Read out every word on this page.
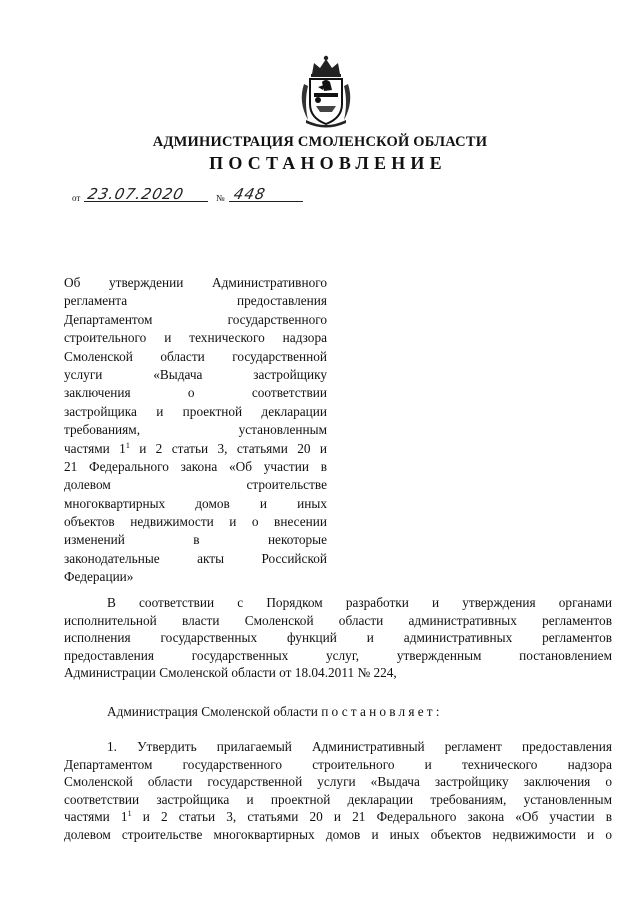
АДМИНИСТРАЦИЯ СМОЛЕНСКОЙ ОБЛАСТИ
ПОСТАНОВЛЕНИЕ
от 23.07.2020	№ 448
Об утверждении Административного
регламента предоставления
Департаментом государственного
строительного и технического надзора
Смоленской области государственной
услуги «Выдача застройщику
заключения о соответствии
застройщика и проектной декларации
требованиям, установленным
частями $1^1$ и 2 статьи 3, статьями 20 и
21 Федерального закона «Об участии в
долевом строительстве
многоквартирных домов и иных
объектов недвижимости и о внесении
изменений в некоторые
законодательные акты Российской
Федерации»
В соответствии с Порядком разработки и утверждения органами
исполнительной власти Смоленской области административных регламентов
исполнения государственных функций и административных регламентов
предоставления государственных услуг, утвержденным постановлением
Администрации Смоленской области от 18.04.2011 № 224,
Администрация Смоленской области постановляет:
1. Утвердить прилагаемый Административный регламент предоставления
Департаментом государственного строительного и технического надзора
Смоленской области государственной услуги «Выдача застройщику заключения о
соответствии застройщика и проектной декларации требованиям, установленным
частями $1^1$ и 2 статьи 3, статьями 20 и 21 Федерального закона «Об участии в
долевом строительстве многоквартирных домов и иных объектов недвижимости и о
